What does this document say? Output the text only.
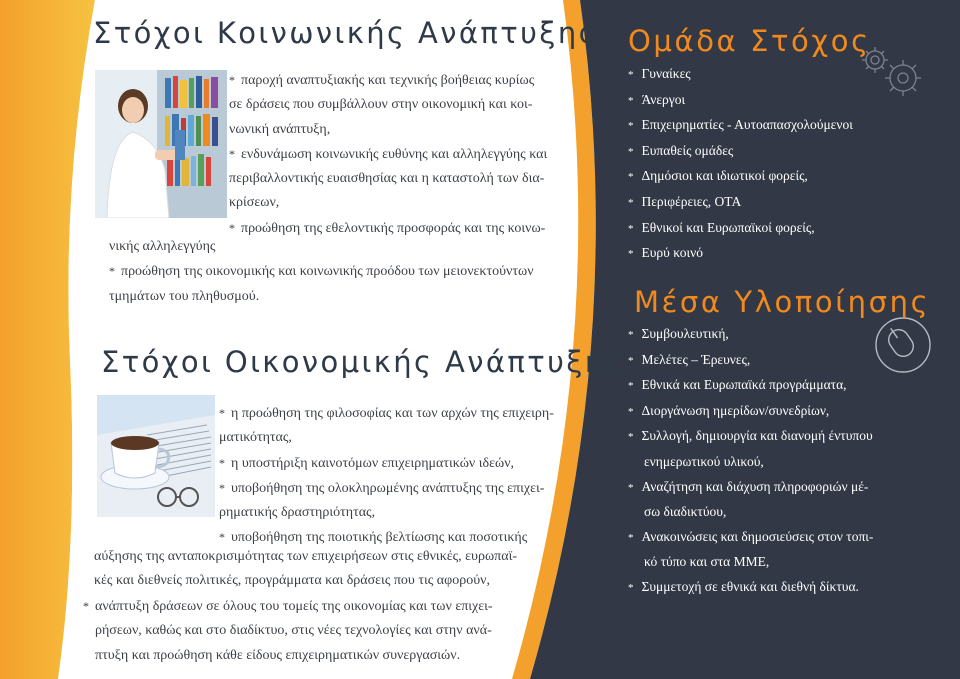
Στόχοι Κοινωνικής Ανάπτυξης
* παροχή αναπτυξιακής και τεχνικής βοήθειας κυρίως
σε δράσεις που συμβάλλουν στην οικονομική και κοι-
νωνική ανάπτυξη,
* ενδυνάμωση κοινωνικής ευθύνης και αλληλεγγύης και
περιβαλλοντικής ευαισθησίας και η καταστολή των δια-
κρίσεων,
* προώθηση της εθελοντικής προσφοράς και της κοινω-
νικής αλληλεγγύης
* προώθηση της οικονομικής και κοινωνικής προόδου των μειονεκτούντων
τμημάτων του πληθυσμού.
Στόχοι Οικονομικής Ανάπτυξης
* η προώθηση της φιλοσοφίας και των αρχών της επιχειρη-
ματικότητας,
* η υποστήριξη καινοτόμων επιχειρηματικών ιδεών,
* υποβοήθηση της ολοκληρωμένης ανάπτυξης της επιχει-
ρηματικής δραστηριότητας,
* υποβοήθηση της ποιοτικής βελτίωσης και ποσοτικής
αύξησης της ανταποκρισιμότητας των επιχειρήσεων στις εθνικές, ευρωπαϊ-
κές και διεθνείς πολιτικές, προγράμματα και δράσεις που τις αφορούν,
* ανάπτυξη δράσεων σε όλους του τομείς της οικονομίας και των επιχει-
ρήσεων, καθώς και στο διαδίκτυο, στις νέες τεχνολογίες και στην ανά-
πτυξη και προώθηση κάθε είδους επιχειρηματικών συνεργασιών.
Ομάδα Στόχος
* Γυναίκες
* Άνεργοι
* Επιχειρηματίες - Αυτοαπασχολούμενοι
* Ευπαθείς ομάδες
* Δημόσιοι και ιδιωτικοί φορείς,
* Περιφέρειες, ΟΤΑ
* Εθνικοί και Ευρωπαϊκοί φορείς,
* Ευρύ κοινό
Μέσα Υλοποίησης
* Συμβουλευτική,
* Μελέτες – Έρευνες,
* Εθνικά και Ευρωπαϊκά προγράμματα,
* Διοργάνωση ημερίδων/συνεδρίων,
* Συλλογή, δημιουργία και διανομή έντυπου
ενημερωτικού υλικού,
* Αναζήτηση και διάχυση πληροφοριών μέ-
σω διαδικτύου,
* Ανακοινώσεις και δημοσιεύσεις στον τοπι-
κό τύπο και στα ΜΜΕ,
* Συμμετοχή σε εθνικά και διεθνή δίκτυα.
